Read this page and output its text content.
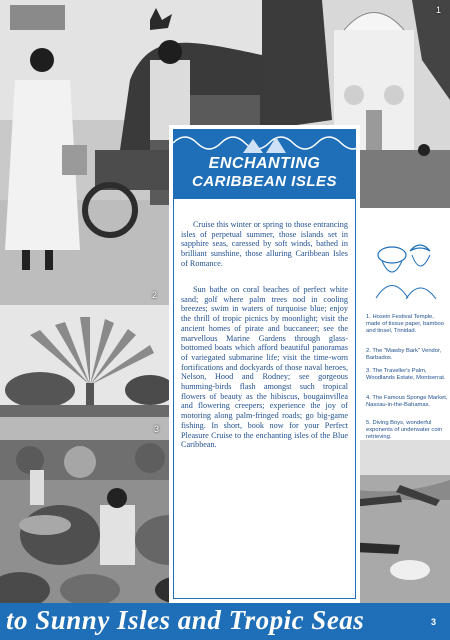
2
1
3

1. Hosein Festival Temple, made of tissue paper, bamboo and tinsel, Trinidad.

2. The "Mawby Bark" Vendor, Barbados.

3. The Traveller's Palm, Woodlands Estate, Montserrat.

4. The Famous Sponge Market, Nassau-in-the-Bahamas.

5. Diving Boys, wonderful exponents of underwater coin retrieving.

ENCHANTING
CARIBBEAN ISLES

Cruise this winter or spring to those entrancing isles of perpetual summer, those islands set in sapphire seas, caressed by soft winds, bathed in brilliant sunshine, those alluring Caribbean Isles of Romance.

Sun bathe on coral beaches of perfect white sand; golf where palm trees nod in cooling breezes; swim in waters of turquoise blue; enjoy the thrill of tropic picnics by moonlight; visit the ancient homes of pirate and buccaneer; see the marvellous Marine Gardens through glass-bottomed boats which afford beautiful panoramas of variegated submarine life; visit the time-worn fortifications and dockyards of those naval heroes, Nelson, Hood and Rodney; see gorgeous humming-birds flash amongst such tropical flowers of beauty as the hibiscus, bougainvillea and flowering creepers; experience the joy of motoring along palm-fringed roads; go big-game fishing. In short, book now for your Perfect Pleasure Cruise to the enchanting isles of the Blue Caribbean.

to Sunny Isles and Tropic Seas	3
